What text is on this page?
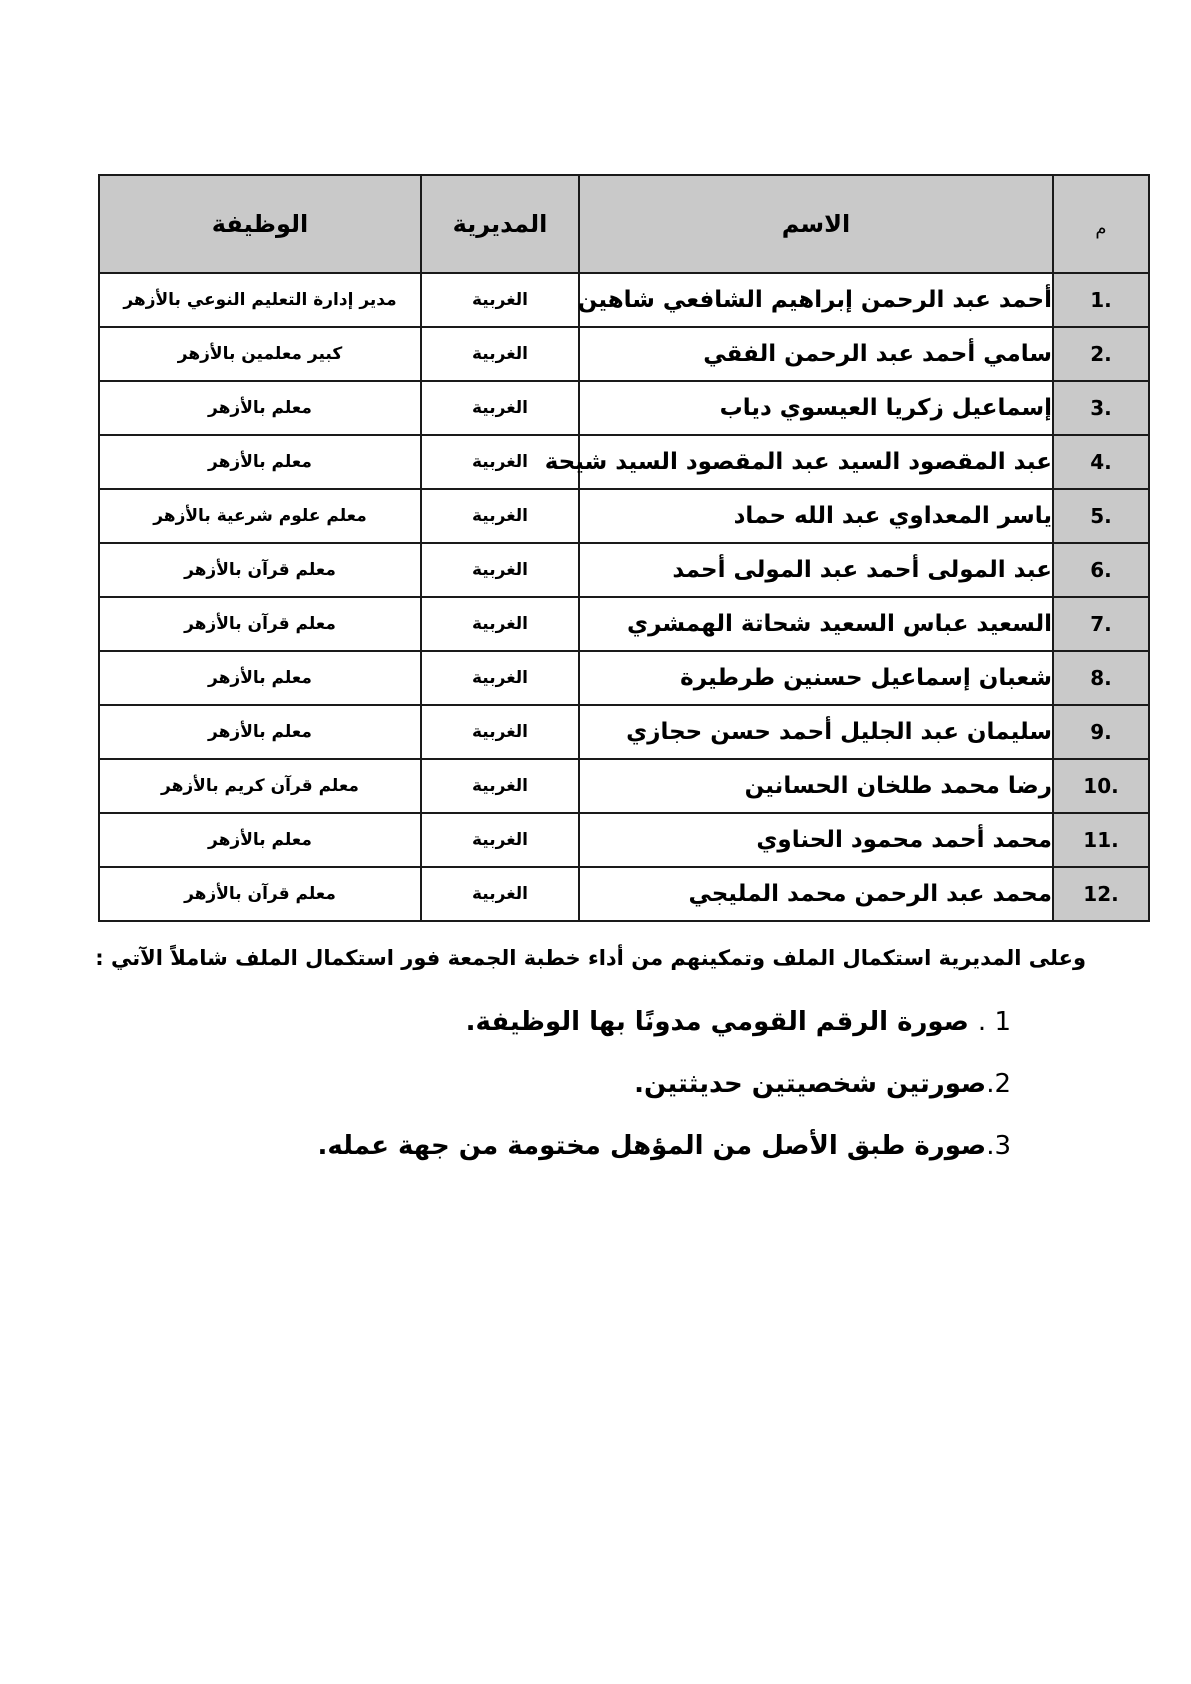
م	الاسم	المديرية	الوظيفة
1.	أحمد عبد الرحمن إبراهيم الشافعي شاهين	الغربية	مدير إدارة التعليم النوعي بالأزهر
2.	سامي أحمد عبد الرحمن الفقي	الغربية	كبير معلمين بالأزهر
3.	إسماعيل زكريا العيسوي دياب	الغربية	معلم بالأزهر
4.	عبد المقصود السيد عبد المقصود السيد شيحة	الغربية	معلم بالأزهر
5.	ياسر المعداوي عبد الله حماد	الغربية	معلم علوم شرعية بالأزهر
6.	عبد المولى أحمد عبد المولى أحمد	الغربية	معلم قرآن بالأزهر
7.	السعيد عباس السعيد شحاتة الهمشري	الغربية	معلم قرآن بالأزهر
8.	شعبان إسماعيل حسنين طرطيرة	الغربية	معلم بالأزهر
9.	سليمان عبد الجليل أحمد حسن حجازي	الغربية	معلم بالأزهر
10.	رضا محمد طلخان الحسانين	الغربية	معلم قرآن كريم بالأزهر
11.	محمد أحمد محمود الحناوي	الغربية	معلم بالأزهر
12.	محمد عبد الرحمن محمد المليجي	الغربية	معلم قرآن بالأزهر
وعلى المديرية استكمال الملف وتمكينهم من أداء خطبة الجمعة فور استكمال الملف شاملاً الآتي :
1 . صورة الرقم القومي مدونًا بها الوظيفة.
2.صورتين شخصيتين حديثتين.
3.صورة طبق الأصل من المؤهل مختومة من جهة عمله.
